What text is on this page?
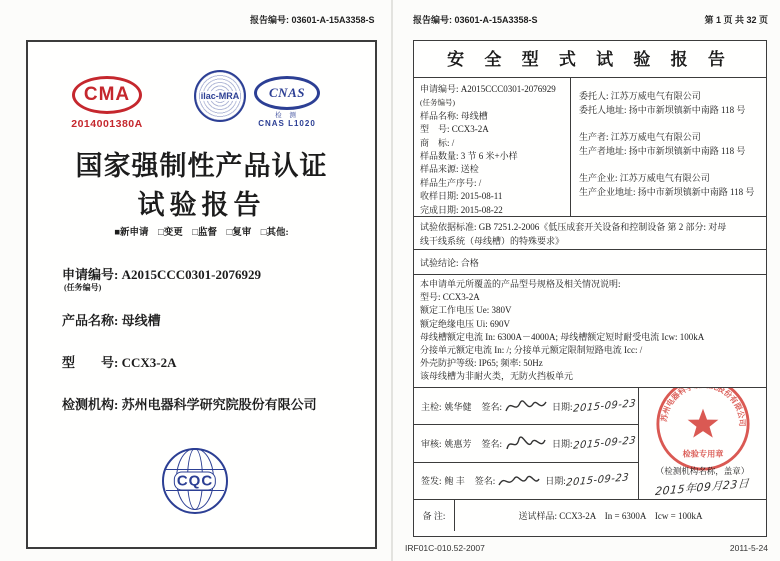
报告编号: 03601-A-15A3358-S
CMA
2014001380A
ilac-MRA CNAS
检 测
CNAS L1020
国家强制性产品认证
试验报告
■新申请　□变更　□监督　□复审　□其他:
申请编号: A2015CCC0301-2076929
(任务编号)
产品名称: 母线槽
型　　号: CCX3-2A
检测机构: 苏州电器科学研究院股份有限公司
CQC
报告编号: 03601-A-15A3358-S	第 1 页 共 32 页
安 全 型 式 试 验 报 告
申请编号: A2015CCC0301-2076929
(任务编号)
样品名称: 母线槽
型　号: CCX3-2A
商　标: /
样品数量: 3 节 6 米+小样
样品来源: 送检
样品生产序号: /
收样日期: 2015-08-11
完成日期: 2015-08-22
委托人: 江苏万威电气有限公司
委托人地址: 扬中市新坝镇新中南路 118 号
生产者: 江苏万威电气有限公司
生产者地址: 扬中市新坝镇新中南路 118 号
生产企业: 江苏万威电气有限公司
生产企业地址: 扬中市新坝镇新中南路 118 号
试验依据标准: GB 7251.2-2006《低压成套开关设备和控制设备 第 2 部分: 对母
线干线系统（母线槽）的特殊要求》
试验结论: 合格
本申请单元所覆盖的产品型号规格及相关情况说明:
型号: CCX3-2A
额定工作电压 Ue: 380V
额定绝缘电压 Ui: 690V
母线槽额定电流 In: 6300A－4000A; 母线槽额定短时耐受电流 Icw: 100kA
分接单元额定电流 In: /; 分接单元额定限制短路电流 Icc: /
外壳防护等级: IP65; 频率: 50Hz
该母线槽为非耐火类，无防火挡板单元
主检: 姚华健 签名:	日期: 2015-09-23
审核: 姚惠芳 签名:	日期: 2015-09-23
签发: 鲍 丰 签名:	日期: 2015-09-23
苏州电器科学研究院股份有限公司
检验专用章
（检测机构名称，盖章）
2015年09月23日
备 注:	送试样品: CCX3-2A　In = 6300A　Icw = 100kA
IRF01C-010.52-2007	2011-5-24
